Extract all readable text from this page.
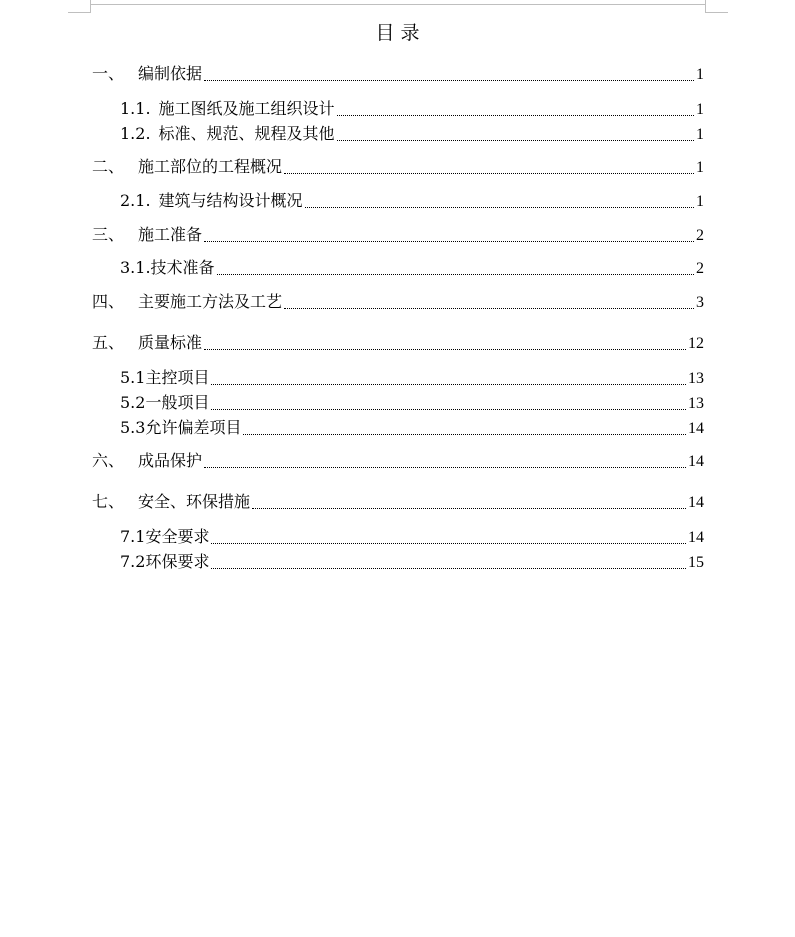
目 录
一、 编制依据	1
1.1. 施工图纸及施工组织设计	1
1.2. 标准、规范、规程及其他	1
二、 施工部位的工程概况	1
2.1. 建筑与结构设计概况	1
三、 施工准备	2
3.1. 技术准备	2
四、 主要施工方法及工艺	3
五、 质量标准	12
5.1 主控项目	13
5.2 一般项目	13
5.3 允许偏差项目	14
六、 成品保护	14
七、 安全、环保措施	14
7.1 安全要求	14
7.2 环保要求	15
